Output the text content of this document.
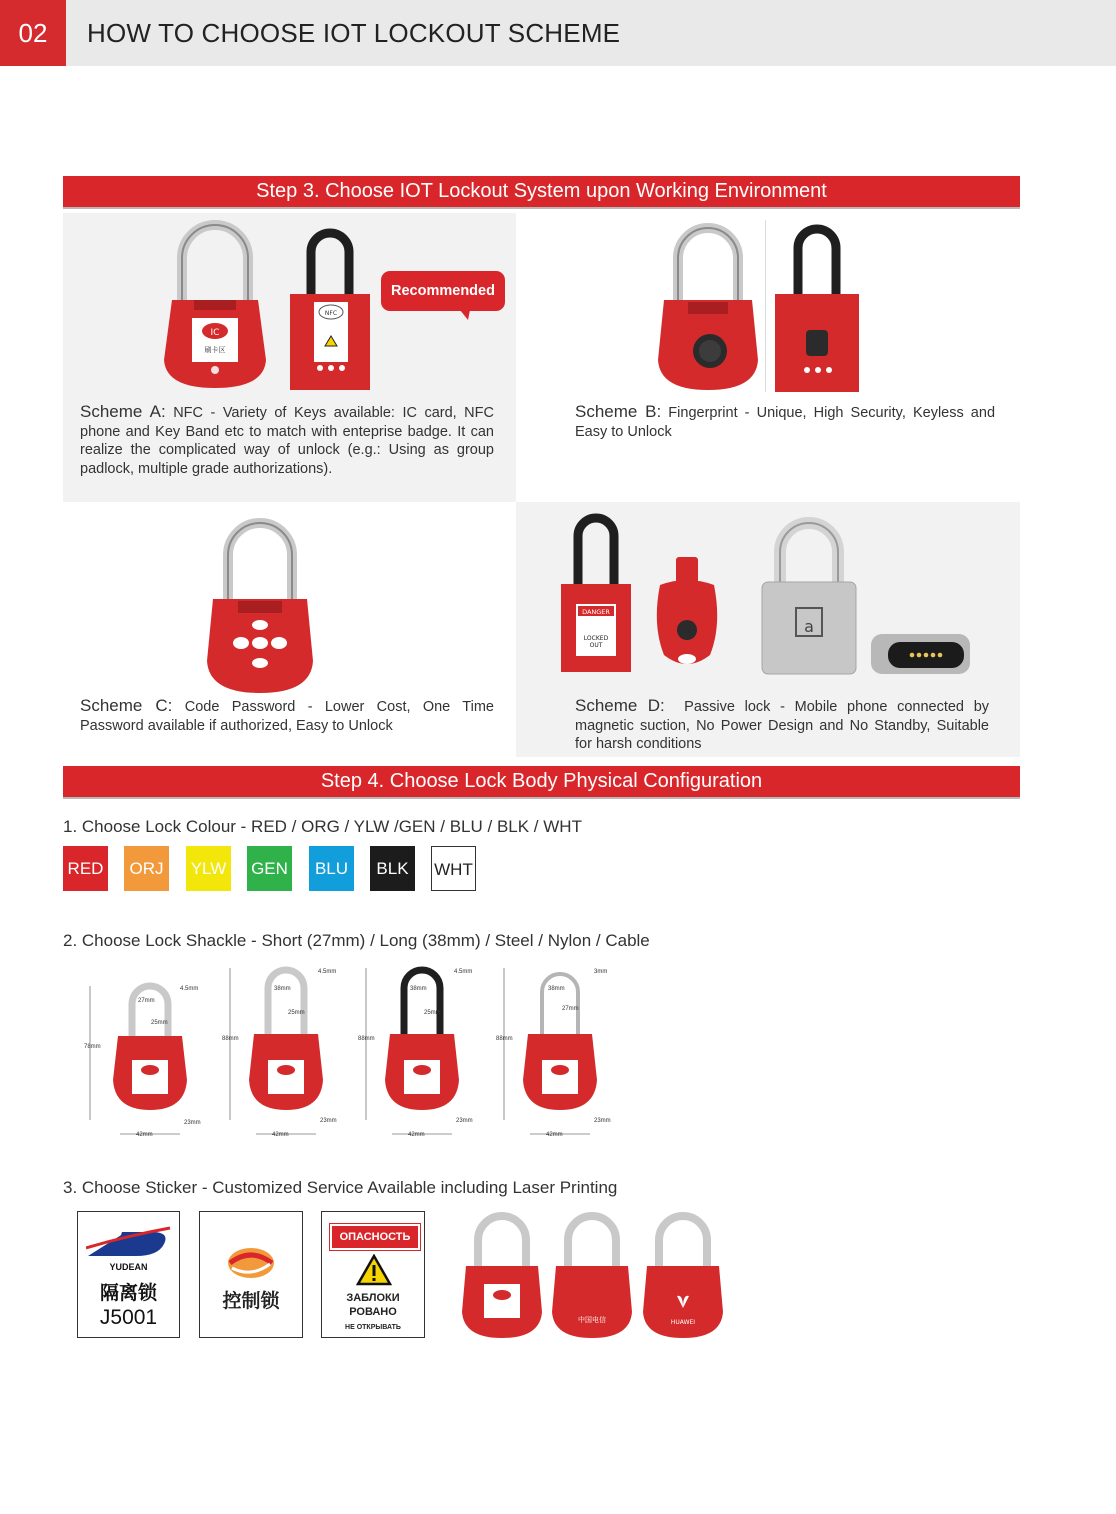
02	HOW TO CHOOSE IOT LOCKOUT SCHEME
Step 3. Choose IOT Lockout System upon Working Environment
IC
刷卡区
NFC
Recommended
Scheme A: NFC - Variety of Keys available: IC card, NFC phone and Key Band etc to match with enteprise badge. It can realize the complicated way of unlock (e.g.: Using as group padlock, multiple grade authorizations).
Scheme B: Fingerprint - Unique, High Security, Keyless and Easy to Unlock
Scheme C: Code Password - Lower Cost, One Time Password available if authorized, Easy to Unlock
DANGER
LOCKED
OUT
a
Scheme D: Passive lock - Mobile phone connected by magnetic suction, No Power Design and No Standby, Suitable for harsh conditions
Step 4. Choose Lock Body Physical Configuration
1. Choose Lock Colour - RED / ORG / YLW /GEN / BLU / BLK / WHT
RED	ORJ	YLW GEN	BLU	BLK	WHT
2. Choose Lock Shackle - Short (27mm) / Long (38mm) / Steel / Nylon / Cable
4.5mm
25mm
27mm
78mm
42mm
23mm
4.5mm
25mm
38mm
88mm
42mm
23mm
4.5mm
25mm
38mm
88mm
42mm
23mm
3mm
27mm
38mm
88mm
42mm
23mm
3. Choose Sticker - Customized Service Available including Laser Printing
YUDEAN
隔离锁
J5001
控制锁
ОПАСНОСТЬ
ЗАБЛОКИ
РОВАНО
НЕ ОТКРЫВАТЬ
中国电信	HUAWEI
